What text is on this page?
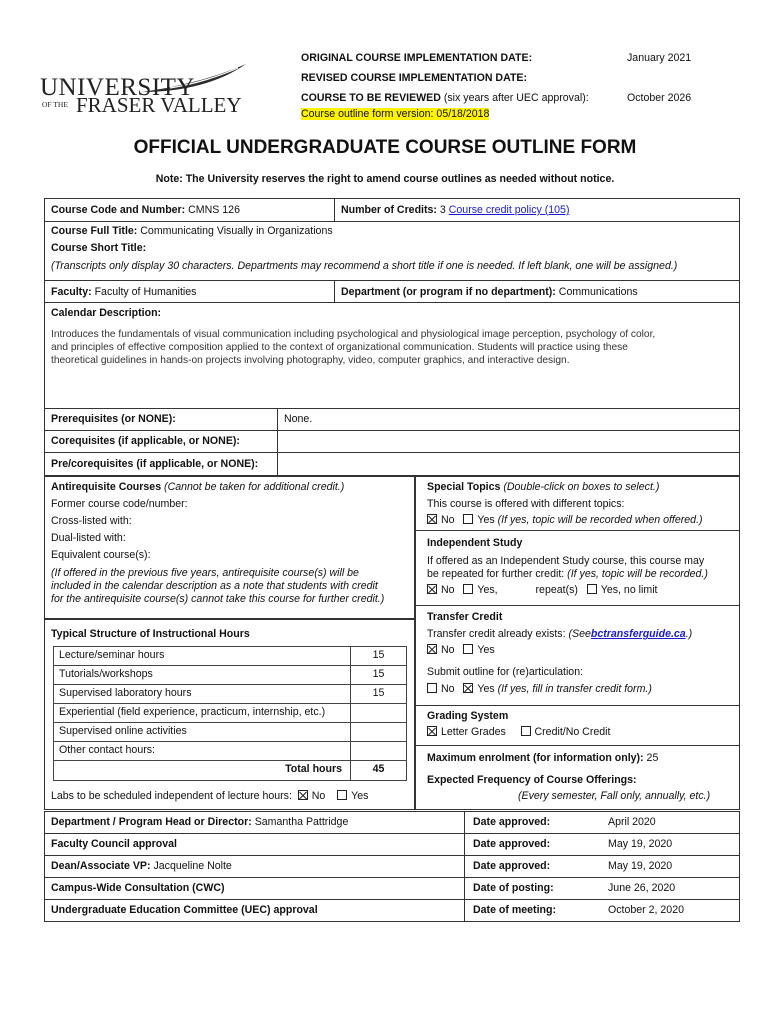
UNIVERSITY
OF THE FRASER VALLEY
ORIGINAL COURSE IMPLEMENTATION DATE:	January 2021
REVISED COURSE IMPLEMENTATION DATE:
COURSE TO BE REVIEWED (six years after UEC approval):	October 2026
Course outline form version: 05/18/2018
OFFICIAL UNDERGRADUATE COURSE OUTLINE FORM
Note: The University reserves the right to amend course outlines as needed without notice.
Course Code and Number: CMNS 126	Number of Credits: 3 Course credit policy (105)
Course Full Title: Communicating Visually in Organizations
Course Short Title:
(Transcripts only display 30 characters. Departments may recommend a short title if one is needed. If left blank, one will be assigned.)
Faculty: Faculty of Humanities	Department (or program if no department): Communications
Calendar Description:
Introduces the fundamentals of visual communication including psychological and physiological image perception, psychology of color,
and principles of effective composition applied to the context of organizational communication. Students will practice using these
theoretical guidelines in hands-on projects involving photography, video, computer graphics, and interactive design.
Prerequisites (or NONE):	None.
Corequisites (if applicable, or NONE):
Pre/corequisites (if applicable, or NONE):
Antirequisite Courses (Cannot be taken for additional credit.)
Former course code/number:
Cross-listed with:
Dual-listed with:
Equivalent course(s):
(If offered in the previous five years, antirequisite course(s) will be
included in the calendar description as a note that students with credit
for the antirequisite course(s) cannot take this course for further credit.)
Typical Structure of Instructional Hours
Lecture/seminar hours	15
Tutorials/workshops	15
Supervised laboratory hours	15
Experiential (field experience, practicum, internship, etc.)
Supervised online activities
Other contact hours:
Total hours	45
Labs to be scheduled independent of lecture hours: No Yes
Special Topics (Double-click on boxes to select.)
This course is offered with different topics:
No Yes (If yes, topic will be recorded when offered.)
Independent Study
If offered as an Independent Study course, this course may
be repeated for further credit: (If yes, topic will be recorded.)
No Yes,	repeat(s) Yes, no limit
Transfer Credit
Transfer credit already exists: (Seebctransferguide.ca.)
No Yes
Submit outline for (re)articulation:
No Yes (If yes, fill in transfer credit form.)
Grading System
Letter Grades	Credit/No Credit
Maximum enrolment (for information only): 25
Expected Frequency of Course Offerings:
(Every semester, Fall only, annually, etc.)
Department / Program Head or Director: Samantha Pattridge	Date approved:	April 2020
Faculty Council approval	Date approved:	May 19, 2020
Dean/Associate VP: Jacqueline Nolte	Date approved:	May 19, 2020
Campus-Wide Consultation (CWC)	Date of posting:	June 26, 2020
Undergraduate Education Committee (UEC) approval	Date of meeting:	October 2, 2020
